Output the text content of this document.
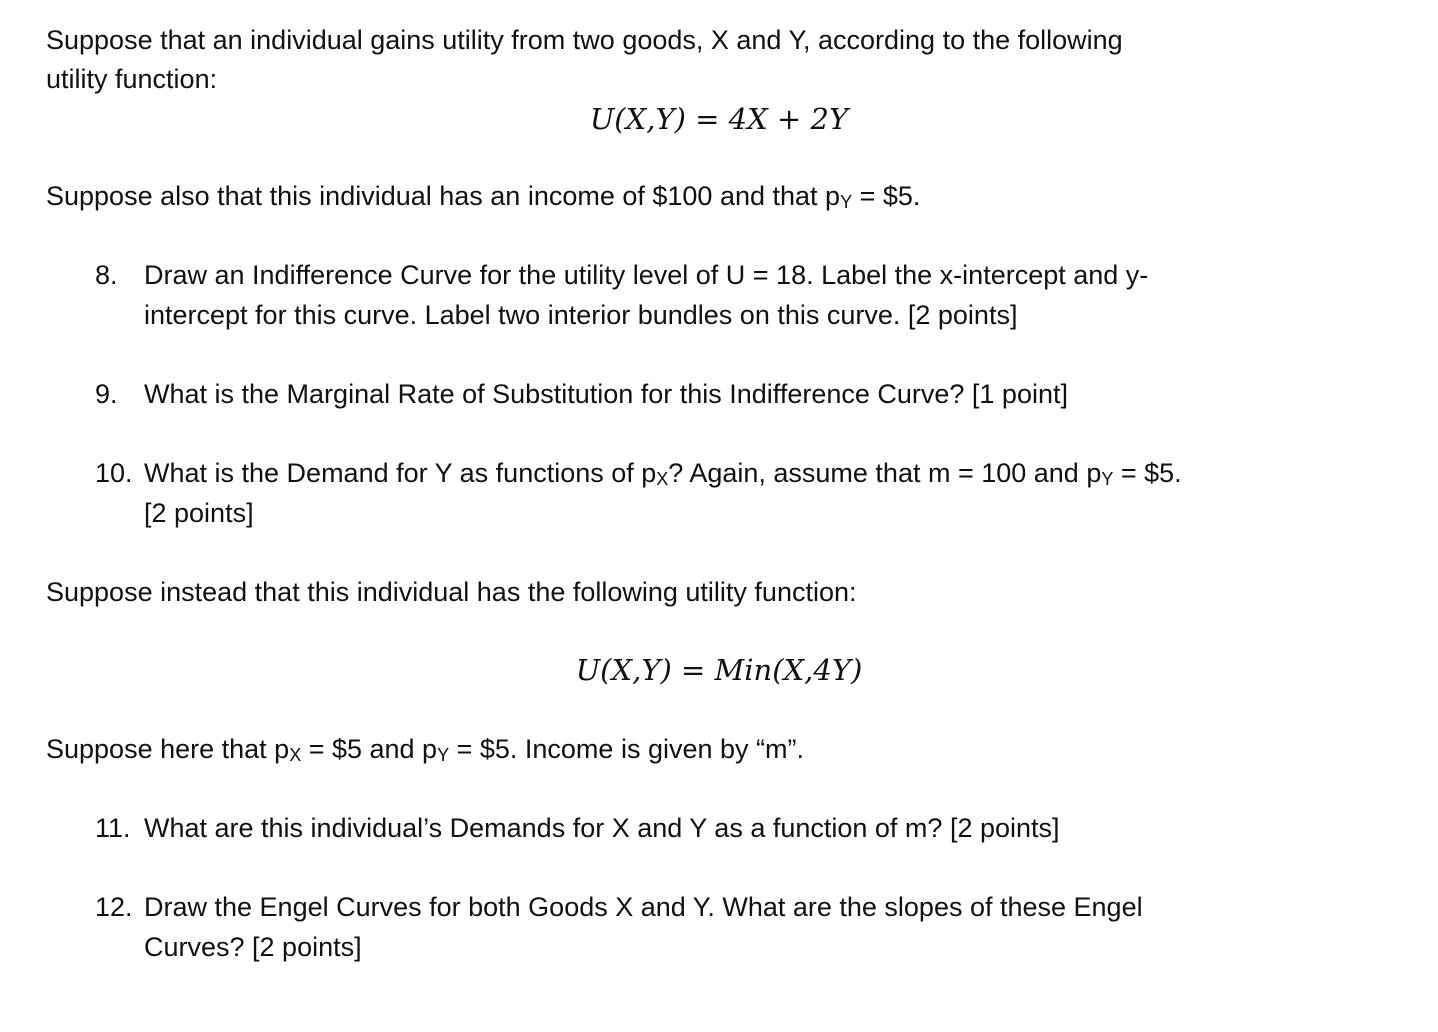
Suppose that an individual gains utility from two goods, X and Y, according to the following

utility function:

U(X,Y) = 4X + 2Y

Suppose also that this individual has an income of $100 and that pY = $5.

8. Draw an Indifference Curve for the utility level of U = 18. Label the x-intercept and y-
intercept for this curve. Label two interior bundles on this curve. [2 points]
9. What is the Marginal Rate of Substitution for this Indifference Curve? [1 point]
10. What is the Demand for Y as functions of pX? Again, assume that m = 100 and pY = $5.
[2 points]

Suppose instead that this individual has the following utility function:

U(X,Y) = Min(X,4Y)

Suppose here that pX = $5 and pY = $5. Income is given by “m”.

11. What are this individual’s Demands for X and Y as a function of m? [2 points]
12. Draw the Engel Curves for both Goods X and Y. What are the slopes of these Engel
Curves? [2 points]
